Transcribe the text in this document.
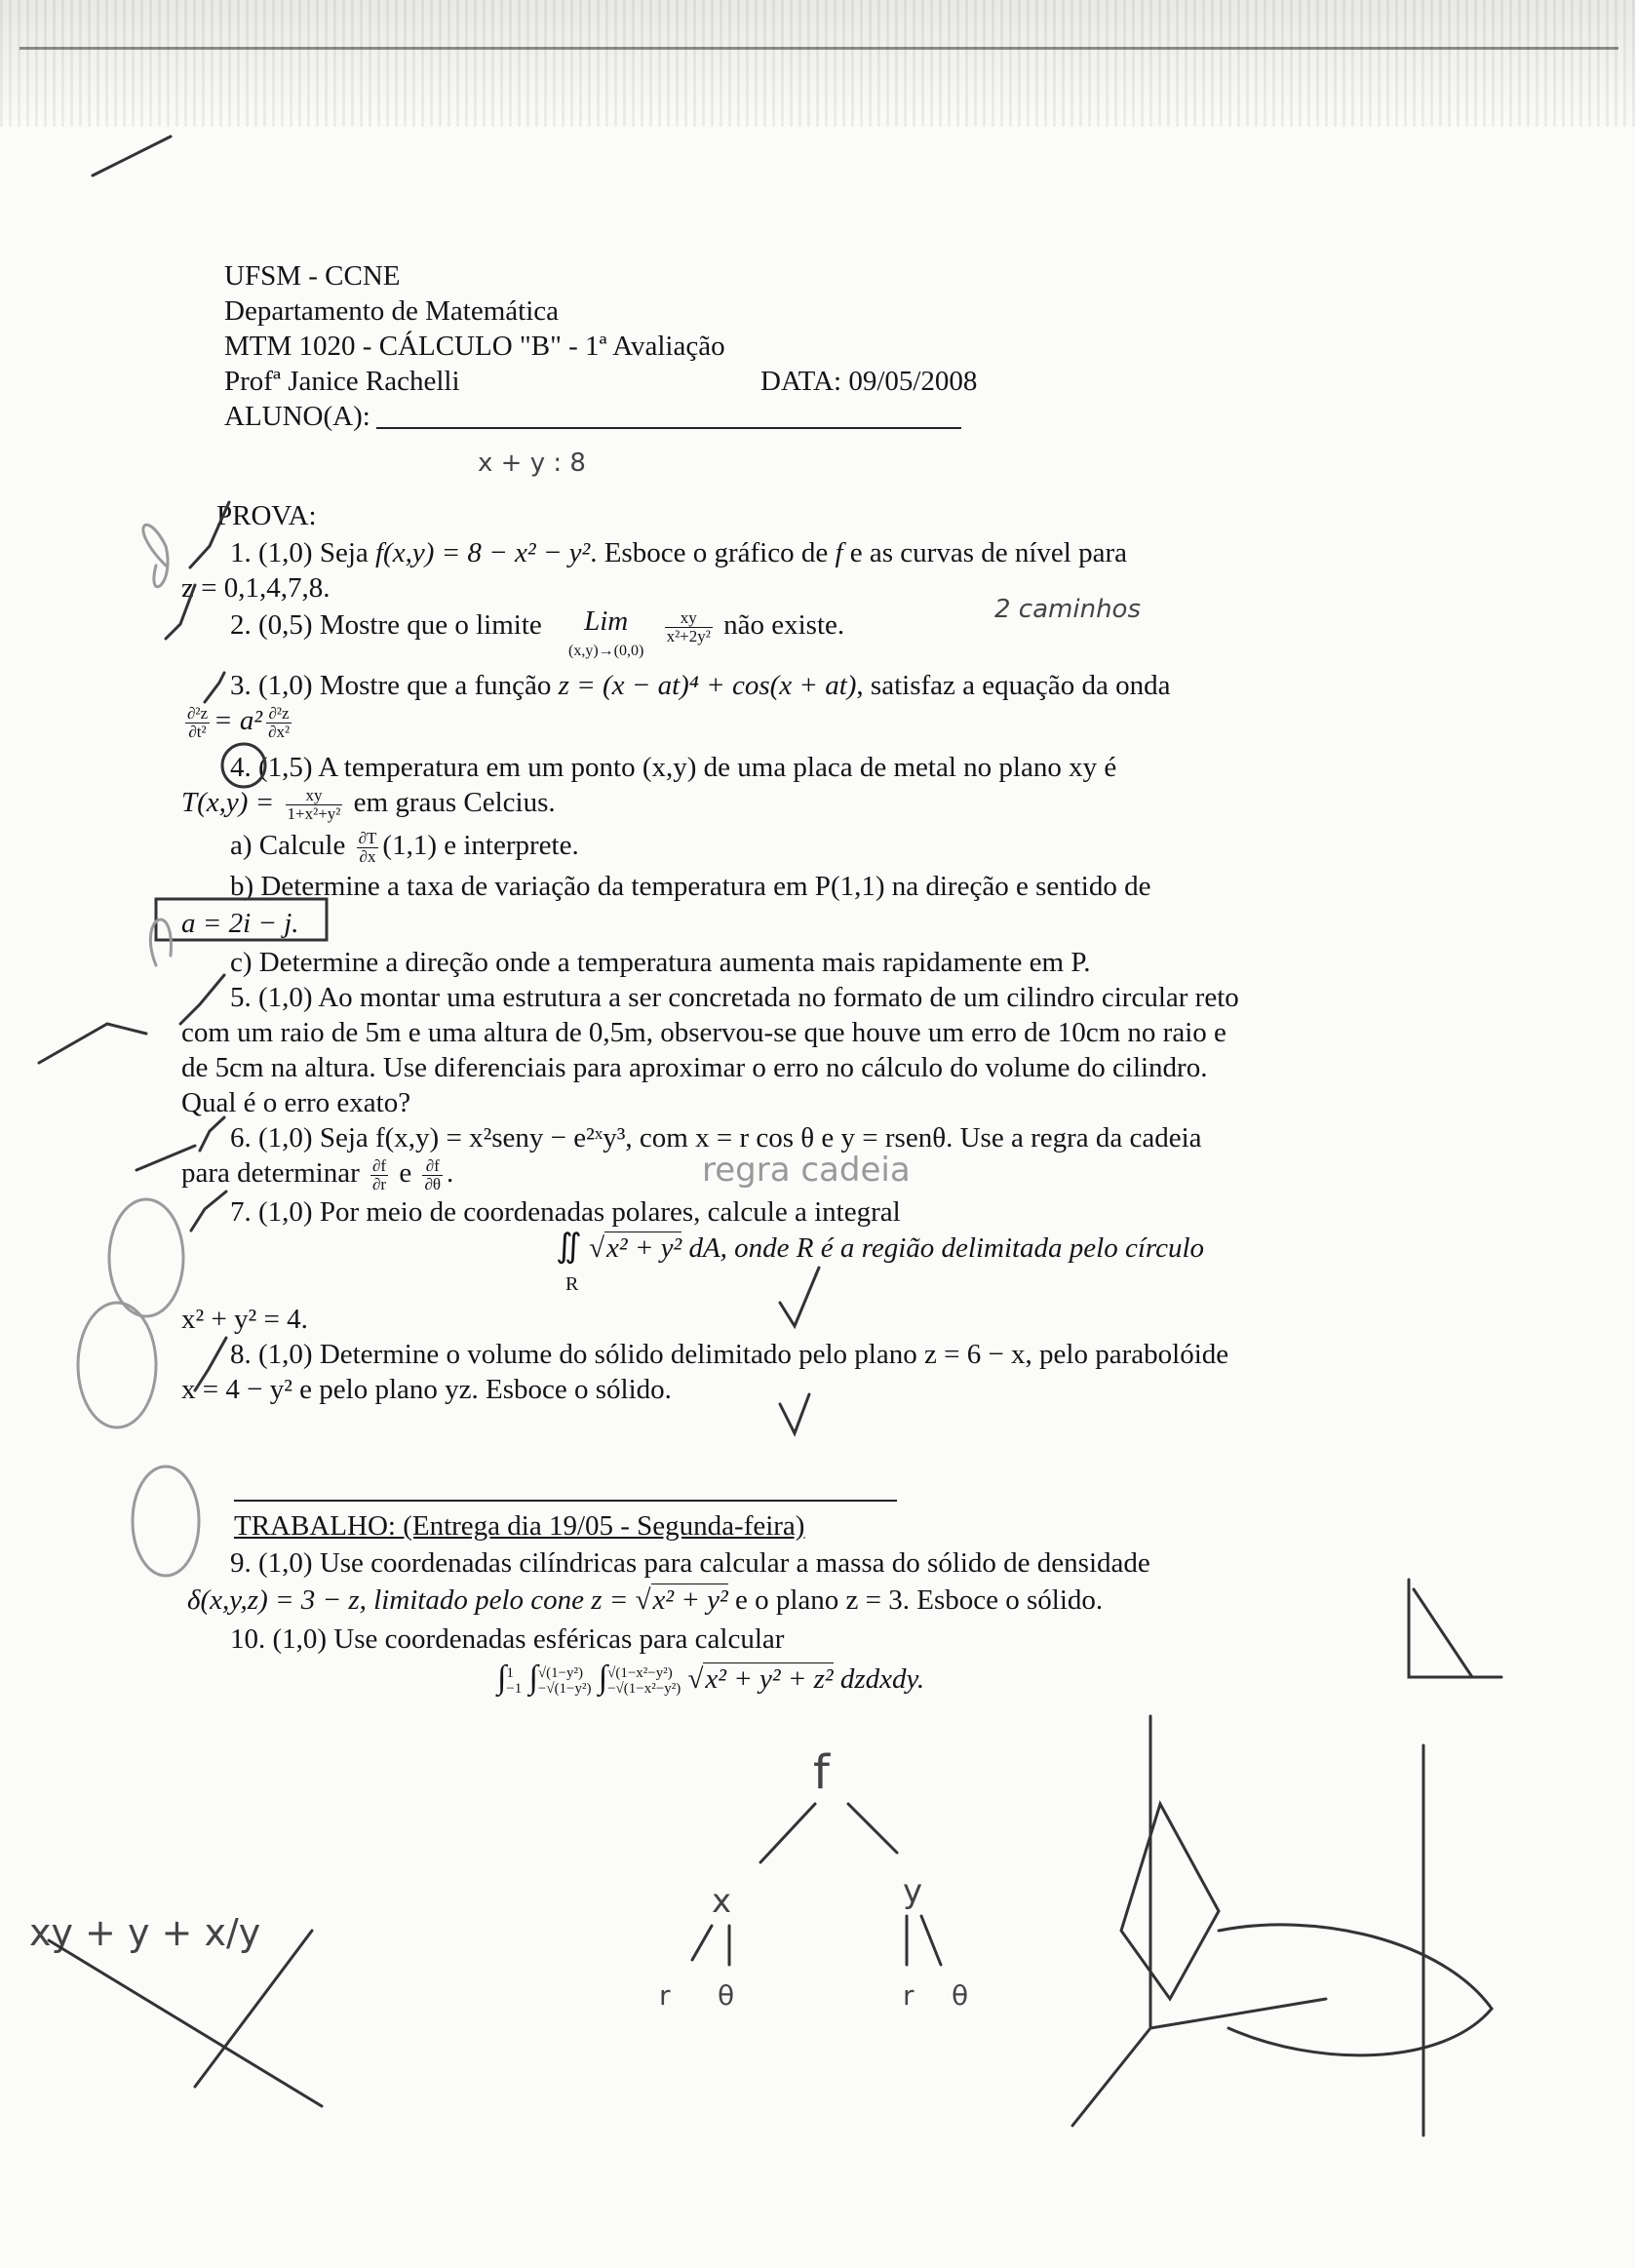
UFSM - CCNE
Departamento de Matemática
MTM 1020 - CÁLCULO "B" - 1ª Avaliação
Profª Janice Rachelli	DATA: 09/05/2008
ALUNO(A):
PROVA:
1. (1,0) Seja f(x,y) = 8 − x² − y². Esboce o gráfico de f e as curvas de nível para
z = 0,1,4,7,8.
2. (0,5) Mostre que o limite Lim
(x,y)→(0,0)
$\frac{xy}{\text{x²+2y²}}$ não existe.
3. (1,0) Mostre que a função z = (x − at)⁴ + cos(x + at), satisfaz a equação da onda
$\frac{\text{∂²z}}{\text{∂t²}} = a^2 \frac{\text{∂²z}}{\text{∂x²}}$
4. (1,5) A temperatura em um ponto (x,y) de uma placa de metal no plano xy é
$T(x,y) = \frac{xy}{\text{1+x²+y²}}$ em graus Celcius.
a) Calcule $\frac{\partial T}{\partial x} (1,1)$ e interprete.
b) Determine a taxa de variação da temperatura em P(1,1) na direção e sentido de
a = 2i − j.
c) Determine a direção onde a temperatura aumenta mais rapidamente em P.
5. (1,0) Ao montar uma estrutura a ser concretada no formato de um cilindro circular reto
com um raio de 5m e uma altura de 0,5m, observou-se que houve um erro de 10cm no raio e
de 5cm na altura. Use diferenciais para aproximar o erro no cálculo do volume do cilindro.
Qual é o erro exato?
6. (1,0) Seja f(x,y) = x²seny − e²ˣy³, com x = r cos θ e y = rsenθ. Use a regra da cadeia
para determinar $\frac{\partial f}{\partial r}$ e $\frac{\partial f}{\partial\theta}$ .
7. (1,0) Por meio de coordenadas polares, calcule a integral
∬ √x² + y² dA, onde R é a região delimitada pelo círculo
R
x² + y² = 4.
8. (1,0) Determine o volume do sólido delimitado pelo plano z = 6 − x, pelo parabolóide
x = 4 − y² e pelo plano yz. Esboce o sólido.
TRABALHO: (Entrega dia 19/05 - Segunda-feira)
9. (1,0) Use coordenadas cilíndricas para calcular a massa do sólido de densidade
δ(x,y,z) = 3 − z, limitado pelo cone z = √x² + y² e o plano z = 3. Esboce o sólido.
10. (1,0) Use coordenadas esféricas para calcular
∫1
−1 ∫√(1−y²)
−√(1−y²) ∫√(1−x²−y²)
−√(1−x²−y²) √x² + y² + z² dzdxdy.
x + y : 8
2 caminhos
regra cadeia
f
x	y
r θ	r θ
xy + y + x/y
